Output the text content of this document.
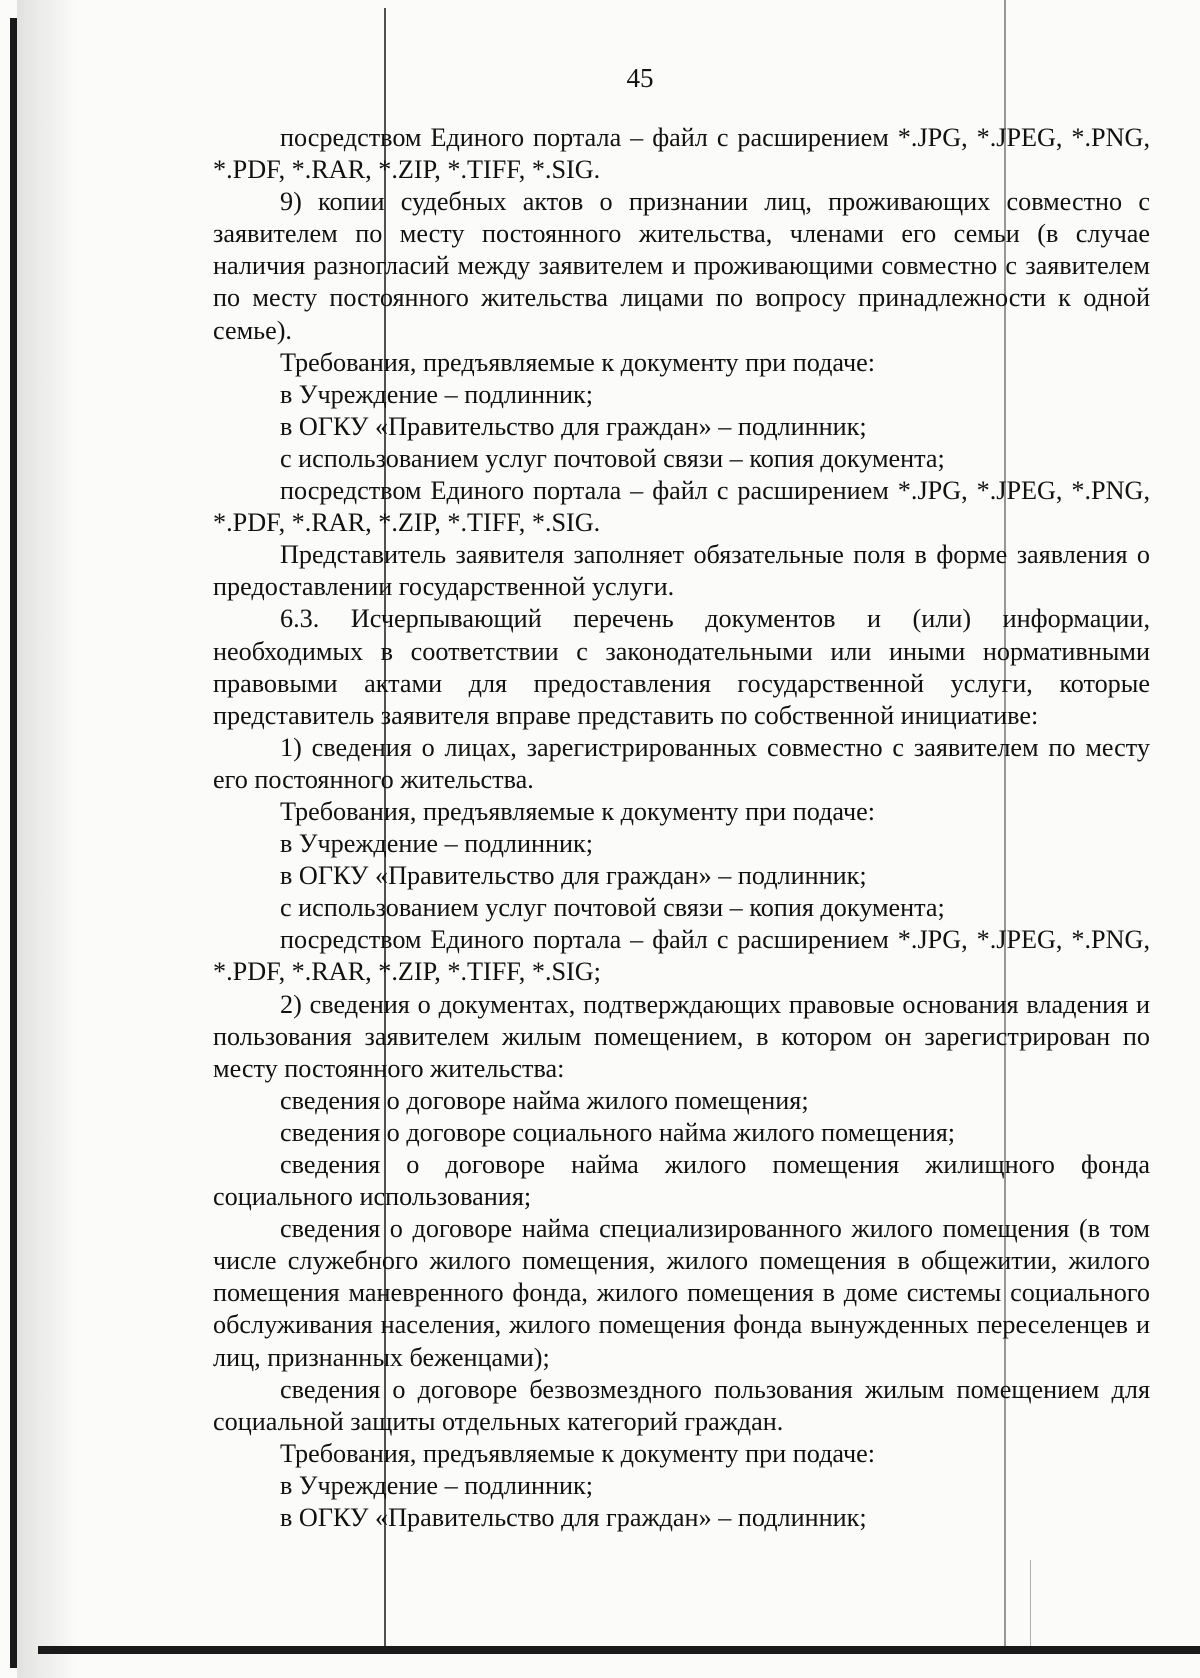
45

посредством Единого портала – файл с расширением *.JPG, *.JPEG, *.PNG, *.PDF, *.RAR, *.ZIP, *.TIFF, *.SIG.

9) копии судебных актов о признании лиц, проживающих совместно с заявителем по месту постоянного жительства, членами его семьи (в случае наличия разногласий между заявителем и проживающими совместно с заявителем по месту постоянного жительства лицами по вопросу принадлежности к одной семье).

Требования, предъявляемые к документу при подаче:

в Учреждение – подлинник;

в ОГКУ «Правительство для граждан» – подлинник;

с использованием услуг почтовой связи – копия документа;

посредством Единого портала – файл с расширением *.JPG, *.JPEG, *.PNG, *.PDF, *.RAR, *.ZIP, *.TIFF, *.SIG.

Представитель заявителя заполняет обязательные поля в форме заявления о предоставлении государственной услуги.

6.3. Исчерпывающий перечень документов и (или) информации, необходимых в соответствии с законодательными или иными нормативными правовыми актами для предоставления государственной услуги, которые представитель заявителя вправе представить по собственной инициативе:

1) сведения о лицах, зарегистрированных совместно с заявителем по месту его постоянного жительства.

Требования, предъявляемые к документу при подаче:

в Учреждение – подлинник;

в ОГКУ «Правительство для граждан» – подлинник;

с использованием услуг почтовой связи – копия документа;

посредством Единого портала – файл с расширением *.JPG, *.JPEG, *.PNG, *.PDF, *.RAR, *.ZIP, *.TIFF, *.SIG;

2) сведения о документах, подтверждающих правовые основания владения и пользования заявителем жилым помещением, в котором он зарегистрирован по месту постоянного жительства:

сведения о договоре найма жилого помещения;

сведения о договоре социального найма жилого помещения;

сведения о договоре найма жилого помещения жилищного фонда социального использования;

сведения о договоре найма специализированного жилого помещения (в том числе служебного жилого помещения, жилого помещения в общежитии, жилого помещения маневренного фонда, жилого помещения в доме системы социального обслуживания населения, жилого помещения фонда вынужденных переселенцев и лиц, признанных беженцами);

сведения о договоре безвозмездного пользования жилым помещением для социальной защиты отдельных категорий граждан.

Требования, предъявляемые к документу при подаче:

в Учреждение – подлинник;

в ОГКУ «Правительство для граждан» – подлинник;
